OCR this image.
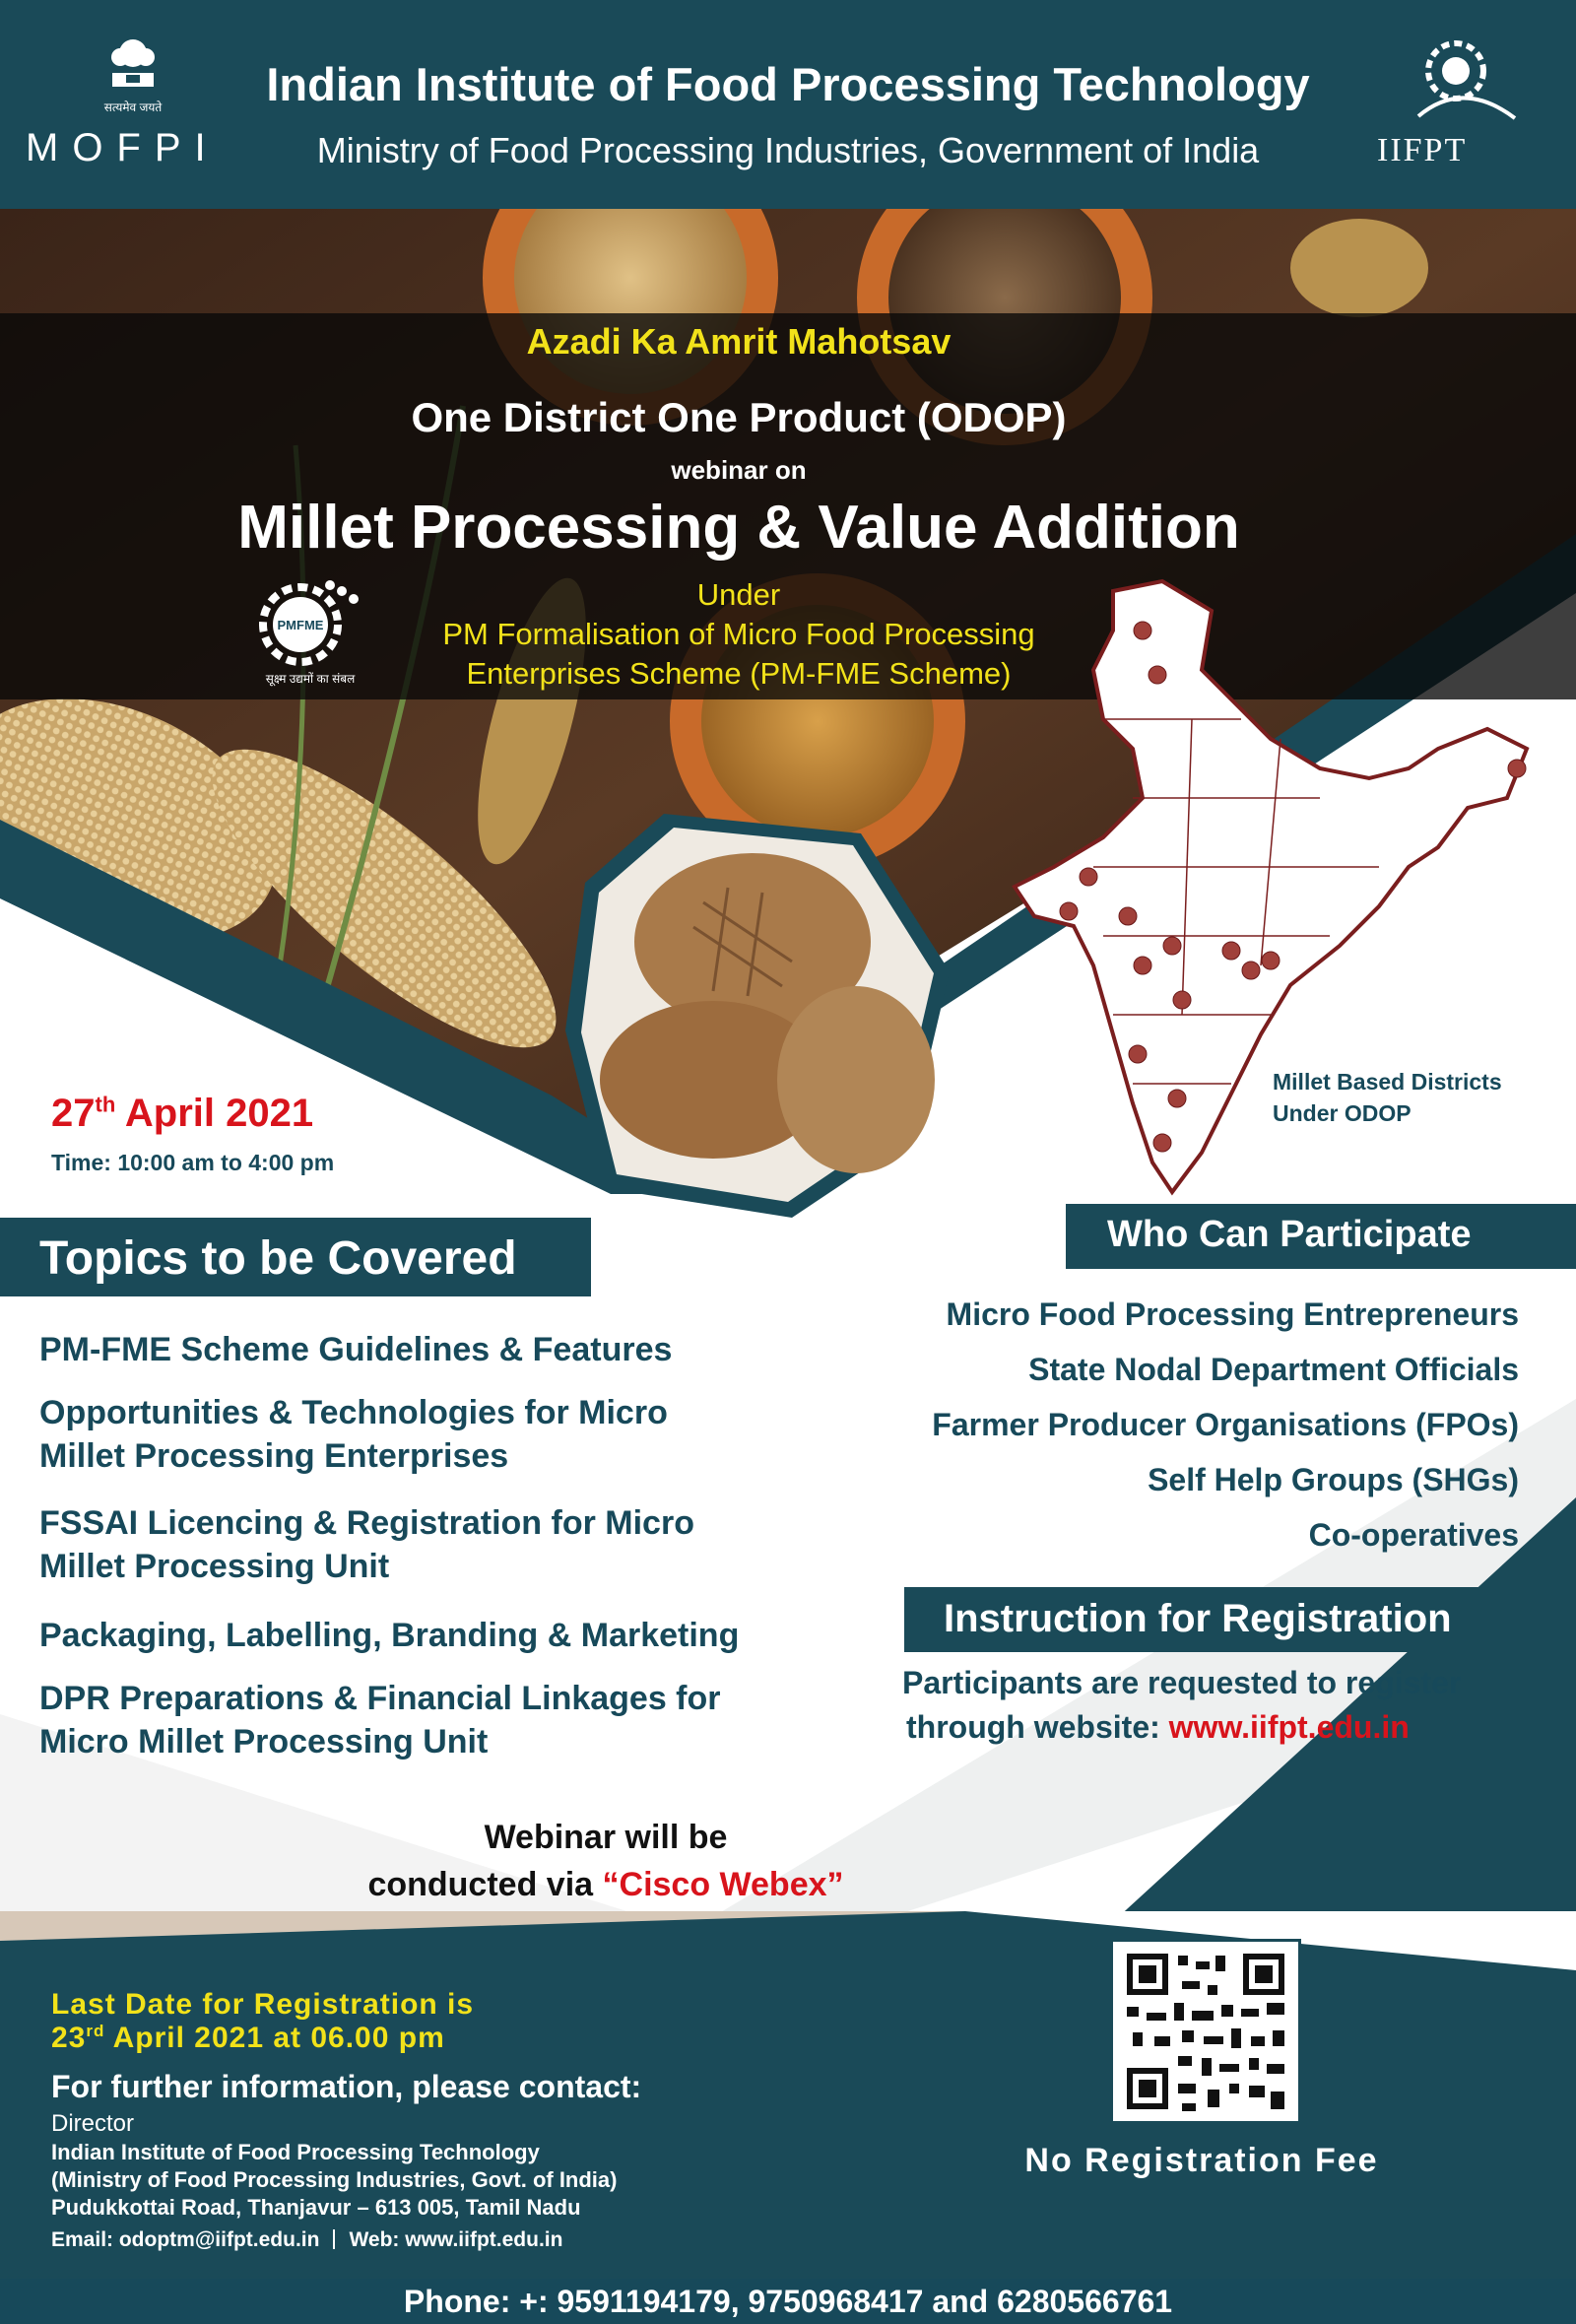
सत्यमेव जयते
MOFPI
Indian Institute of Food Processing Technology
Ministry of Food Processing Industries, Government of India	IIFPT
Azadi Ka Amrit Mahotsav
One District One Product (ODOP)
webinar on
Millet Processing & Value Addition
Under
PM Formalisation of Micro Food Processing
Enterprises Scheme (PM-FME Scheme)
PMFME
सूक्ष्म उद्यमों का संबल
Millet Based Districts
Under ODOP
27th April 2021
Time: 10:00 am to 4:00 pm
Topics to be Covered
PM-FME Scheme Guidelines & Features
Opportunities & Technologies for Micro
Millet Processing Enterprises
FSSAI Licencing & Registration for Micro
Millet Processing Unit
Packaging, Labelling, Branding & Marketing
DPR Preparations & Financial Linkages for
Micro Millet Processing Unit
Who Can Participate
Micro Food Processing Entrepreneurs
State Nodal Department Officials
Farmer Producer Organisations (FPOs)
Self Help Groups (SHGs)
Co-operatives
Instruction for Registration
Participants are requested to register
through website: www.iifpt.edu.in
Webinar will be
conducted via “Cisco Webex”
Last Date for Registration is
23rd April 2021 at 06.00 pm
For further information, please contact:
Director
Indian Institute of Food Processing Technology
(Ministry of Food Processing Industries, Govt. of India)
Pudukkottai Road, Thanjavur – 613 005, Tamil Nadu
Email: odoptm@iifpt.edu.in Web: www.iifpt.edu.in
No Registration Fee
Phone: +: 9591194179, 9750968417 and 6280566761
